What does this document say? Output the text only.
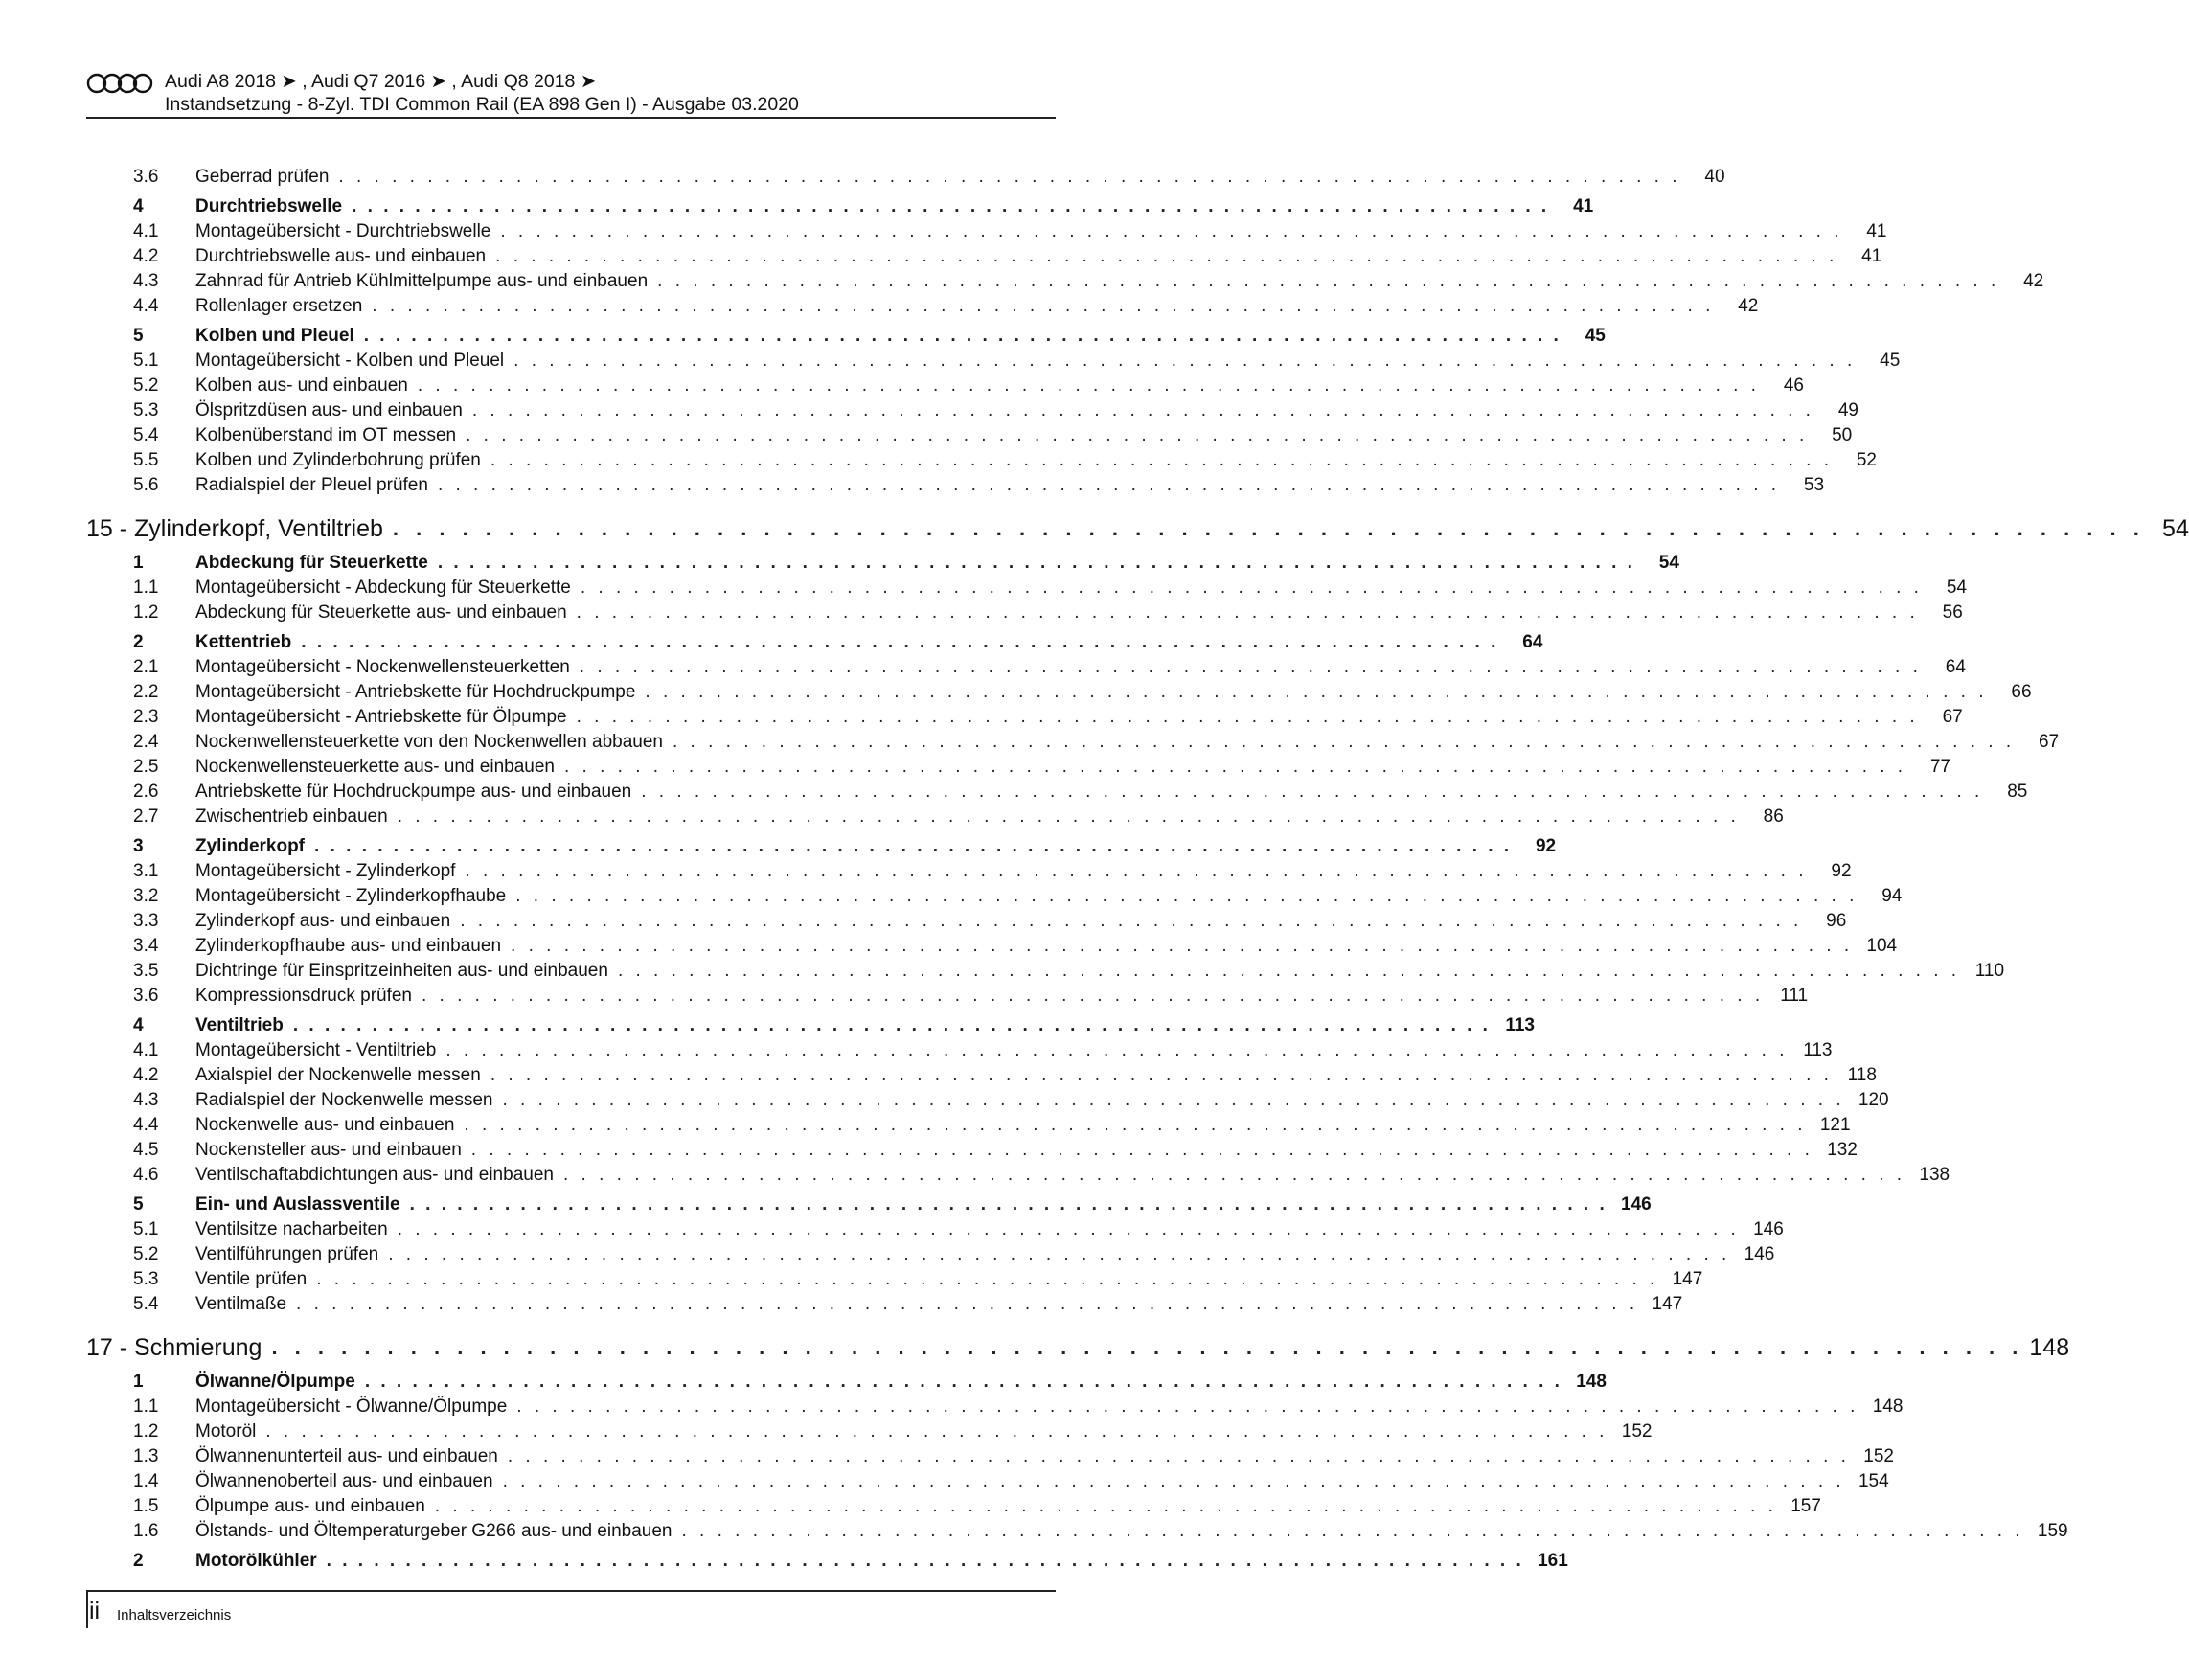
Audi A8 2018 ➤ , Audi Q7 2016 ➤ , Audi Q8 2018 ➤
Instandsetzung - 8-Zyl. TDI Common Rail (EA 898 Gen I) - Ausgabe 03.2020
3.6	Geberrad prüfen . . . . . . . . . . . . . . . . . . . . . . . . . . . . . . . . . . . . . . . . . . . . . . . . . . . . . . . . . . . . . . . . . . . . . . . . . . . .	40
4	Durchtriebswelle . . . . . . . . . . . . . . . . . . . . . . . . . . . . . . . . . . . . . . . . . . . . . . . . . . . . . . . . . . . . . . . . . . . . . . . . . . . .	41
4.1	Montageübersicht - Durchtriebswelle . . . . . . . . . . . . . . . . . . . . . . . . . . . . . . . . . . . . . . . . . . . . . . . . . . . . . . . . . . . . . . . . . . . . . . . . . . . .	41
4.2	Durchtriebswelle aus- und einbauen . . . . . . . . . . . . . . . . . . . . . . . . . . . . . . . . . . . . . . . . . . . . . . . . . . . . . . . . . . . . . . . . . . . . . . . . . . . .	41
4.3	Zahnrad für Antrieb Kühlmittelpumpe aus- und einbauen . . . . . . . . . . . . . . . . . . . . . . . . . . . . . . . . . . . . . . . . . . . . . . . . . . . . . . . . . . . . . . . . . . . . . . . . . . . .	42
4.4	Rollenlager ersetzen . . . . . . . . . . . . . . . . . . . . . . . . . . . . . . . . . . . . . . . . . . . . . . . . . . . . . . . . . . . . . . . . . . . . . . . . . . . .	42
5	Kolben und Pleuel . . . . . . . . . . . . . . . . . . . . . . . . . . . . . . . . . . . . . . . . . . . . . . . . . . . . . . . . . . . . . . . . . . . . . . . . . . . .	45
5.1	Montageübersicht - Kolben und Pleuel . . . . . . . . . . . . . . . . . . . . . . . . . . . . . . . . . . . . . . . . . . . . . . . . . . . . . . . . . . . . . . . . . . . . . . . . . . . .	45
5.2	Kolben aus- und einbauen . . . . . . . . . . . . . . . . . . . . . . . . . . . . . . . . . . . . . . . . . . . . . . . . . . . . . . . . . . . . . . . . . . . . . . . . . . . .	46
5.3	Ölspritzdüsen aus- und einbauen . . . . . . . . . . . . . . . . . . . . . . . . . . . . . . . . . . . . . . . . . . . . . . . . . . . . . . . . . . . . . . . . . . . . . . . . . . . .	49
5.4	Kolbenüberstand im OT messen . . . . . . . . . . . . . . . . . . . . . . . . . . . . . . . . . . . . . . . . . . . . . . . . . . . . . . . . . . . . . . . . . . . . . . . . . . . .	50
5.5	Kolben und Zylinderbohrung prüfen . . . . . . . . . . . . . . . . . . . . . . . . . . . . . . . . . . . . . . . . . . . . . . . . . . . . . . . . . . . . . . . . . . . . . . . . . . . .	52
5.6	Radialspiel der Pleuel prüfen . . . . . . . . . . . . . . . . . . . . . . . . . . . . . . . . . . . . . . . . . . . . . . . . . . . . . . . . . . . . . . . . . . . . . . . . . . . .	53
15 - Zylinderkopf, Ventiltrieb . . . . . . . . . . . . . . . . . . . . . . . . . . . . . . . . . . . . . . . . . . . . . . . . . . . . . . . . . . . . . . . . . . . . . . . . . . . . 54
1	Abdeckung für Steuerkette . . . . . . . . . . . . . . . . . . . . . . . . . . . . . . . . . . . . . . . . . . . . . . . . . . . . . . . . . . . . . . . . . . . . . . . . . . . .	54
1.1	Montageübersicht - Abdeckung für Steuerkette . . . . . . . . . . . . . . . . . . . . . . . . . . . . . . . . . . . . . . . . . . . . . . . . . . . . . . . . . . . . . . . . . . . . . . . . . . . .	54
1.2	Abdeckung für Steuerkette aus- und einbauen . . . . . . . . . . . . . . . . . . . . . . . . . . . . . . . . . . . . . . . . . . . . . . . . . . . . . . . . . . . . . . . . . . . . . . . . . . . .	56
2	Kettentrieb . . . . . . . . . . . . . . . . . . . . . . . . . . . . . . . . . . . . . . . . . . . . . . . . . . . . . . . . . . . . . . . . . . . . . . . . . . . .	64
2.1	Montageübersicht - Nockenwellensteuerketten . . . . . . . . . . . . . . . . . . . . . . . . . . . . . . . . . . . . . . . . . . . . . . . . . . . . . . . . . . . . . . . . . . . . . . . . . . . .	64
2.2	Montageübersicht - Antriebskette für Hochdruckpumpe . . . . . . . . . . . . . . . . . . . . . . . . . . . . . . . . . . . . . . . . . . . . . . . . . . . . . . . . . . . . . . . . . . . . . . . . . . . .	66
2.3	Montageübersicht - Antriebskette für Ölpumpe . . . . . . . . . . . . . . . . . . . . . . . . . . . . . . . . . . . . . . . . . . . . . . . . . . . . . . . . . . . . . . . . . . . . . . . . . . . .	67
2.4	Nockenwellensteuerkette von den Nockenwellen abbauen . . . . . . . . . . . . . . . . . . . . . . . . . . . . . . . . . . . . . . . . . . . . . . . . . . . . . . . . . . . . . . . . . . . . . . . . . . . .	67
2.5	Nockenwellensteuerkette aus- und einbauen . . . . . . . . . . . . . . . . . . . . . . . . . . . . . . . . . . . . . . . . . . . . . . . . . . . . . . . . . . . . . . . . . . . . . . . . . . . .	77
2.6	Antriebskette für Hochdruckpumpe aus- und einbauen . . . . . . . . . . . . . . . . . . . . . . . . . . . . . . . . . . . . . . . . . . . . . . . . . . . . . . . . . . . . . . . . . . . . . . . . . . . .	85
2.7	Zwischentrieb einbauen . . . . . . . . . . . . . . . . . . . . . . . . . . . . . . . . . . . . . . . . . . . . . . . . . . . . . . . . . . . . . . . . . . . . . . . . . . . .	86
3	Zylinderkopf . . . . . . . . . . . . . . . . . . . . . . . . . . . . . . . . . . . . . . . . . . . . . . . . . . . . . . . . . . . . . . . . . . . . . . . . . . . .	92
3.1	Montageübersicht - Zylinderkopf . . . . . . . . . . . . . . . . . . . . . . . . . . . . . . . . . . . . . . . . . . . . . . . . . . . . . . . . . . . . . . . . . . . . . . . . . . . .	92
3.2	Montageübersicht - Zylinderkopfhaube . . . . . . . . . . . . . . . . . . . . . . . . . . . . . . . . . . . . . . . . . . . . . . . . . . . . . . . . . . . . . . . . . . . . . . . . . . . .	94
3.3	Zylinderkopf aus- und einbauen . . . . . . . . . . . . . . . . . . . . . . . . . . . . . . . . . . . . . . . . . . . . . . . . . . . . . . . . . . . . . . . . . . . . . . . . . . . .	96
3.4	Zylinderkopfhaube aus- und einbauen . . . . . . . . . . . . . . . . . . . . . . . . . . . . . . . . . . . . . . . . . . . . . . . . . . . . . . . . . . . . . . . . . . . . . . . . . . . . 104
3.5	Dichtringe für Einspritzeinheiten aus- und einbauen . . . . . . . . . . . . . . . . . . . . . . . . . . . . . . . . . . . . . . . . . . . . . . . . . . . . . . . . . . . . . . . . . . . . . . . . . . . . 110
3.6	Kompressionsdruck prüfen . . . . . . . . . . . . . . . . . . . . . . . . . . . . . . . . . . . . . . . . . . . . . . . . . . . . . . . . . . . . . . . . . . . . . . . . . . . . 111
4	Ventiltrieb . . . . . . . . . . . . . . . . . . . . . . . . . . . . . . . . . . . . . . . . . . . . . . . . . . . . . . . . . . . . . . . . . . . . . . . . . . . . 113
4.1	Montageübersicht - Ventiltrieb . . . . . . . . . . . . . . . . . . . . . . . . . . . . . . . . . . . . . . . . . . . . . . . . . . . . . . . . . . . . . . . . . . . . . . . . . . . . 113
4.2	Axialspiel der Nockenwelle messen . . . . . . . . . . . . . . . . . . . . . . . . . . . . . . . . . . . . . . . . . . . . . . . . . . . . . . . . . . . . . . . . . . . . . . . . . . . . 118
4.3	Radialspiel der Nockenwelle messen . . . . . . . . . . . . . . . . . . . . . . . . . . . . . . . . . . . . . . . . . . . . . . . . . . . . . . . . . . . . . . . . . . . . . . . . . . . . 120
4.4	Nockenwelle aus- und einbauen . . . . . . . . . . . . . . . . . . . . . . . . . . . . . . . . . . . . . . . . . . . . . . . . . . . . . . . . . . . . . . . . . . . . . . . . . . . . 121
4.5	Nockensteller aus- und einbauen . . . . . . . . . . . . . . . . . . . . . . . . . . . . . . . . . . . . . . . . . . . . . . . . . . . . . . . . . . . . . . . . . . . . . . . . . . . . 132
4.6	Ventilschaftabdichtungen aus- und einbauen . . . . . . . . . . . . . . . . . . . . . . . . . . . . . . . . . . . . . . . . . . . . . . . . . . . . . . . . . . . . . . . . . . . . . . . . . . . . 138
5	Ein- und Auslassventile . . . . . . . . . . . . . . . . . . . . . . . . . . . . . . . . . . . . . . . . . . . . . . . . . . . . . . . . . . . . . . . . . . . . . . . . . . . . 146
5.1	Ventilsitze nacharbeiten . . . . . . . . . . . . . . . . . . . . . . . . . . . . . . . . . . . . . . . . . . . . . . . . . . . . . . . . . . . . . . . . . . . . . . . . . . . . 146
5.2	Ventilführungen prüfen . . . . . . . . . . . . . . . . . . . . . . . . . . . . . . . . . . . . . . . . . . . . . . . . . . . . . . . . . . . . . . . . . . . . . . . . . . . . 146
5.3	Ventile prüfen . . . . . . . . . . . . . . . . . . . . . . . . . . . . . . . . . . . . . . . . . . . . . . . . . . . . . . . . . . . . . . . . . . . . . . . . . . . . 147
5.4	Ventilmaße . . . . . . . . . . . . . . . . . . . . . . . . . . . . . . . . . . . . . . . . . . . . . . . . . . . . . . . . . . . . . . . . . . . . . . . . . . . . 147
17 - Schmierung . . . . . . . . . . . . . . . . . . . . . . . . . . . . . . . . . . . . . . . . . . . . . . . . . . . . . . . . . . . . . . . . . . . . . . . . . . . . 148
1	Ölwanne/Ölpumpe . . . . . . . . . . . . . . . . . . . . . . . . . . . . . . . . . . . . . . . . . . . . . . . . . . . . . . . . . . . . . . . . . . . . . . . . . . . . 148
1.1	Montageübersicht - Ölwanne/Ölpumpe . . . . . . . . . . . . . . . . . . . . . . . . . . . . . . . . . . . . . . . . . . . . . . . . . . . . . . . . . . . . . . . . . . . . . . . . . . . . 148
1.2	Motoröl . . . . . . . . . . . . . . . . . . . . . . . . . . . . . . . . . . . . . . . . . . . . . . . . . . . . . . . . . . . . . . . . . . . . . . . . . . . . 152
1.3	Ölwannenunterteil aus- und einbauen . . . . . . . . . . . . . . . . . . . . . . . . . . . . . . . . . . . . . . . . . . . . . . . . . . . . . . . . . . . . . . . . . . . . . . . . . . . . 152
1.4	Ölwannenoberteil aus- und einbauen . . . . . . . . . . . . . . . . . . . . . . . . . . . . . . . . . . . . . . . . . . . . . . . . . . . . . . . . . . . . . . . . . . . . . . . . . . . . 154
1.5	Ölpumpe aus- und einbauen . . . . . . . . . . . . . . . . . . . . . . . . . . . . . . . . . . . . . . . . . . . . . . . . . . . . . . . . . . . . . . . . . . . . . . . . . . . . 157
1.6	Ölstands- und Öltemperaturgeber G266 aus- und einbauen . . . . . . . . . . . . . . . . . . . . . . . . . . . . . . . . . . . . . . . . . . . . . . . . . . . . . . . . . . . . . . . . . . . . . . . . . . . . 159
2	Motorölkühler . . . . . . . . . . . . . . . . . . . . . . . . . . . . . . . . . . . . . . . . . . . . . . . . . . . . . . . . . . . . . . . . . . . . . . . . . . . . 161
ii Inhaltsverzeichnis
